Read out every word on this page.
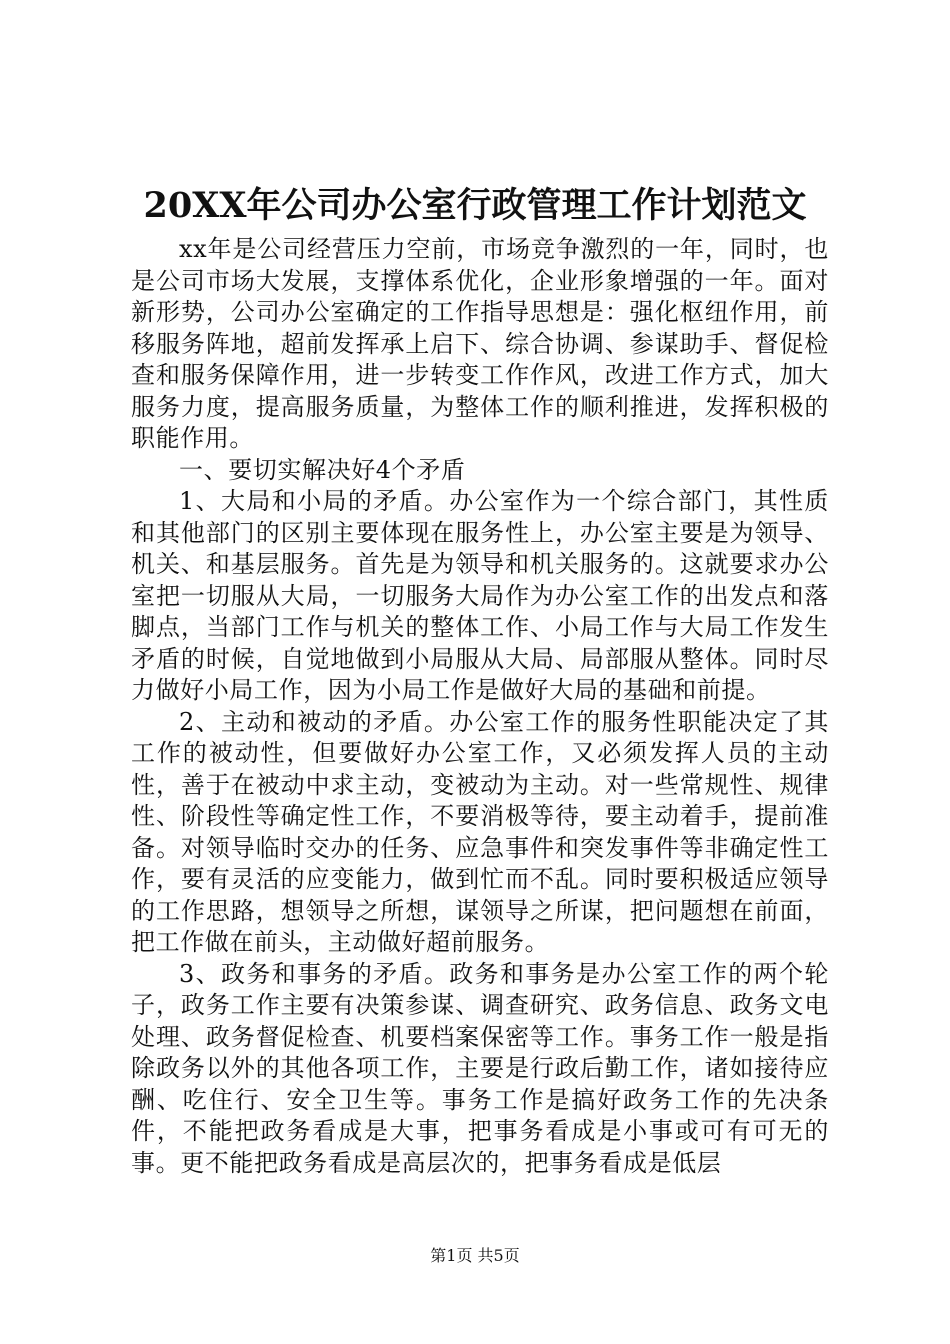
20XX年公司办公室行政管理工作计划范文

xx年是公司经营压力空前，市场竞争激烈的一年，同时，也是公司市场大发展，支撑体系优化，企业形象增强的一年。面对新形势，公司办公室确定的工作指导思想是：强化枢纽作用，前移服务阵地，超前发挥承上启下、综合协调、参谋助手、督促检查和服务保障作用，进一步转变工作作风，改进工作方式，加大服务力度，提高服务质量，为整体工作的顺利推进，发挥积极的职能作用。

一、要切实解决好4个矛盾

1、大局和小局的矛盾。办公室作为一个综合部门，其性质和其他部门的区别主要体现在服务性上，办公室主要是为领导、机关、和基层服务。首先是为领导和机关服务的。这就要求办公室把一切服从大局，一切服务大局作为办公室工作的出发点和落脚点，当部门工作与机关的整体工作、小局工作与大局工作发生矛盾的时候，自觉地做到小局服从大局、局部服从整体。同时尽力做好小局工作，因为小局工作是做好大局的基础和前提。

2、主动和被动的矛盾。办公室工作的服务性职能决定了其工作的被动性，但要做好办公室工作，又必须发挥人员的主动性，善于在被动中求主动，变被动为主动。对一些常规性、规律性、阶段性等确定性工作，不要消极等待，要主动着手，提前准备。对领导临时交办的任务、应急事件和突发事件等非确定性工作，要有灵活的应变能力，做到忙而不乱。同时要积极适应领导的工作思路，想领导之所想，谋领导之所谋，把问题想在前面，把工作做在前头，主动做好超前服务。

3、政务和事务的矛盾。政务和事务是办公室工作的两个轮子，政务工作主要有决策参谋、调查研究、政务信息、政务文电处理、政务督促检查、机要档案保密等工作。事务工作一般是指除政务以外的其他各项工作，主要是行政后勤工作，诸如接待应酬、吃住行、安全卫生等。事务工作是搞好政务工作的先决条件，不能把政务看成是大事，把事务看成是小事或可有可无的事。更不能把政务看成是高层次的，把事务看成是低层

第1页 共5页
